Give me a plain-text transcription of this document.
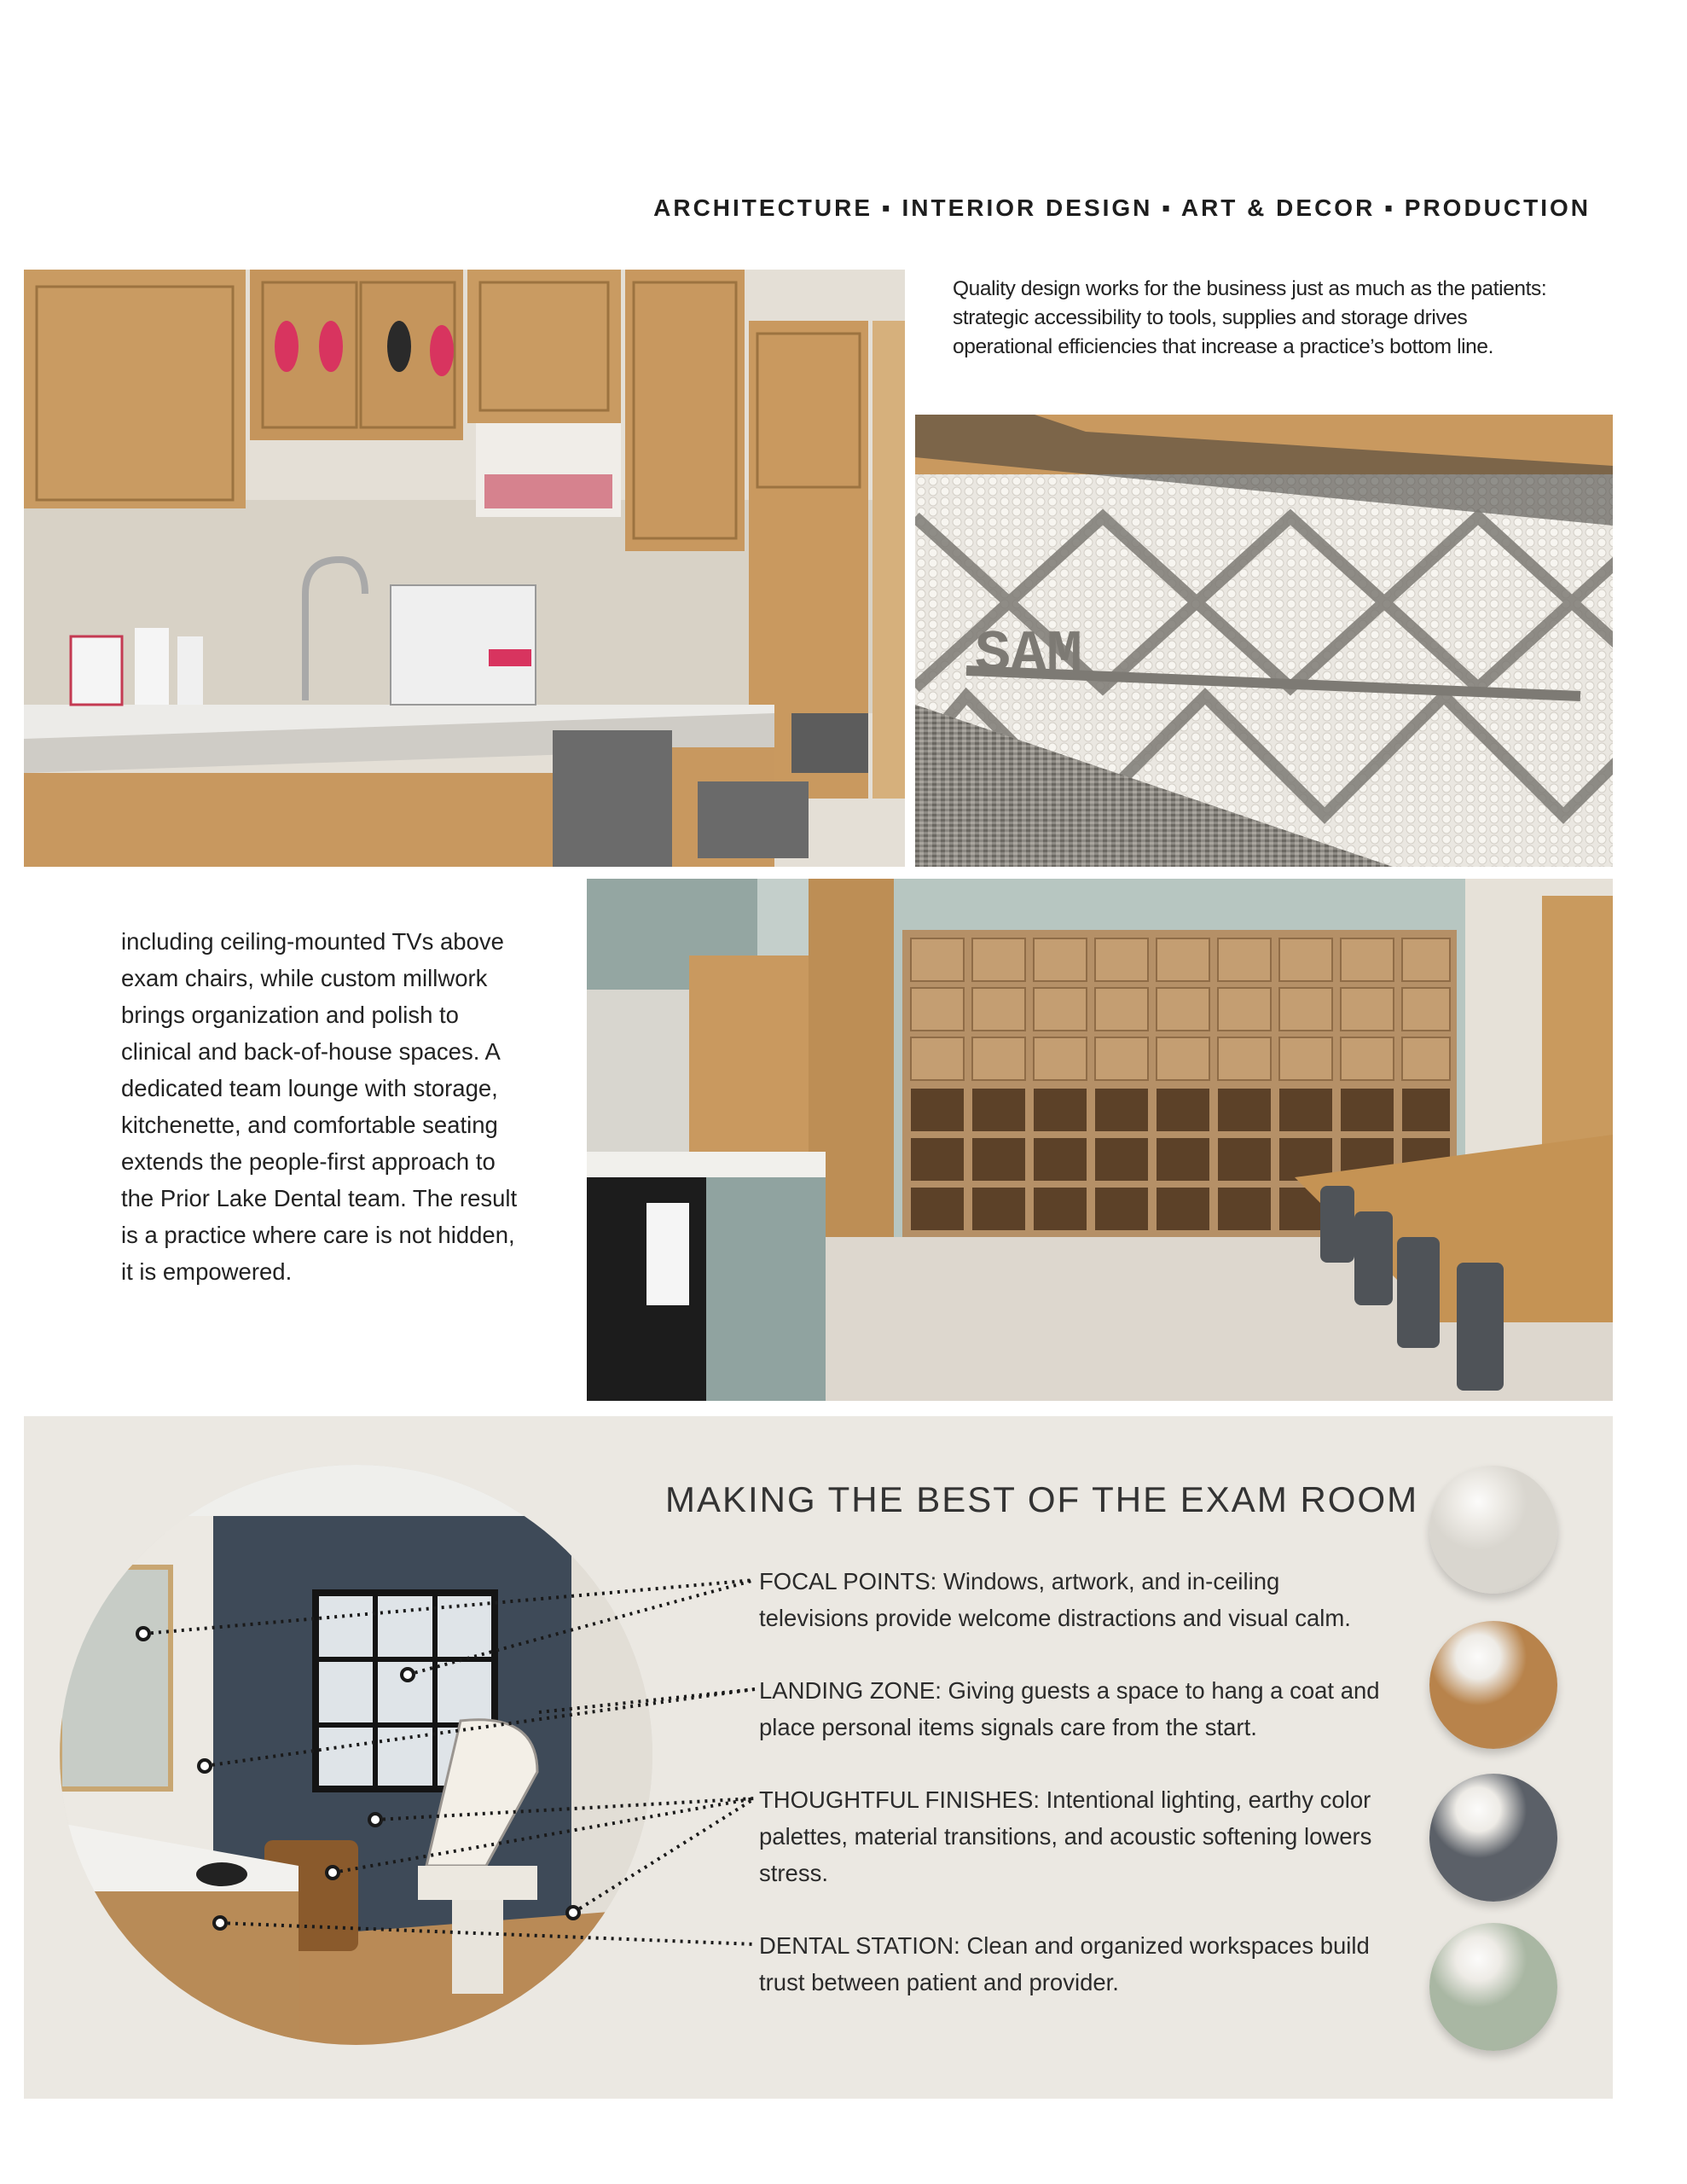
ARCHITECTURE ▪ INTERIOR DESIGN ▪ ART & DECOR ▪ PRODUCTION
Quality design works for the business just as much as the patients: strategic accessibility to tools, supplies and storage drives operational efficiencies that increase a practice’s bottom line.
SAM
including ceiling-mounted TVs above exam chairs, while custom millwork brings organization and polish to clinical and back-of-house spaces. A dedicated team lounge with storage, kitchenette, and comfortable seating extends the people-first approach to the Prior Lake Dental team. The result is a practice where care is not hidden, it is empowered.
MAKING THE BEST OF THE EXAM ROOM
FOCAL POINTS: Windows, artwork, and in-ceiling televisions provide welcome distractions and visual calm.
LANDING ZONE: Giving guests a space to hang a coat and place personal items signals care from the start.
THOUGHTFUL FINISHES: Intentional lighting, earthy color palettes, material transitions, and acoustic softening lowers stress.
DENTAL STATION: Clean and organized workspaces build trust between patient and provider.
